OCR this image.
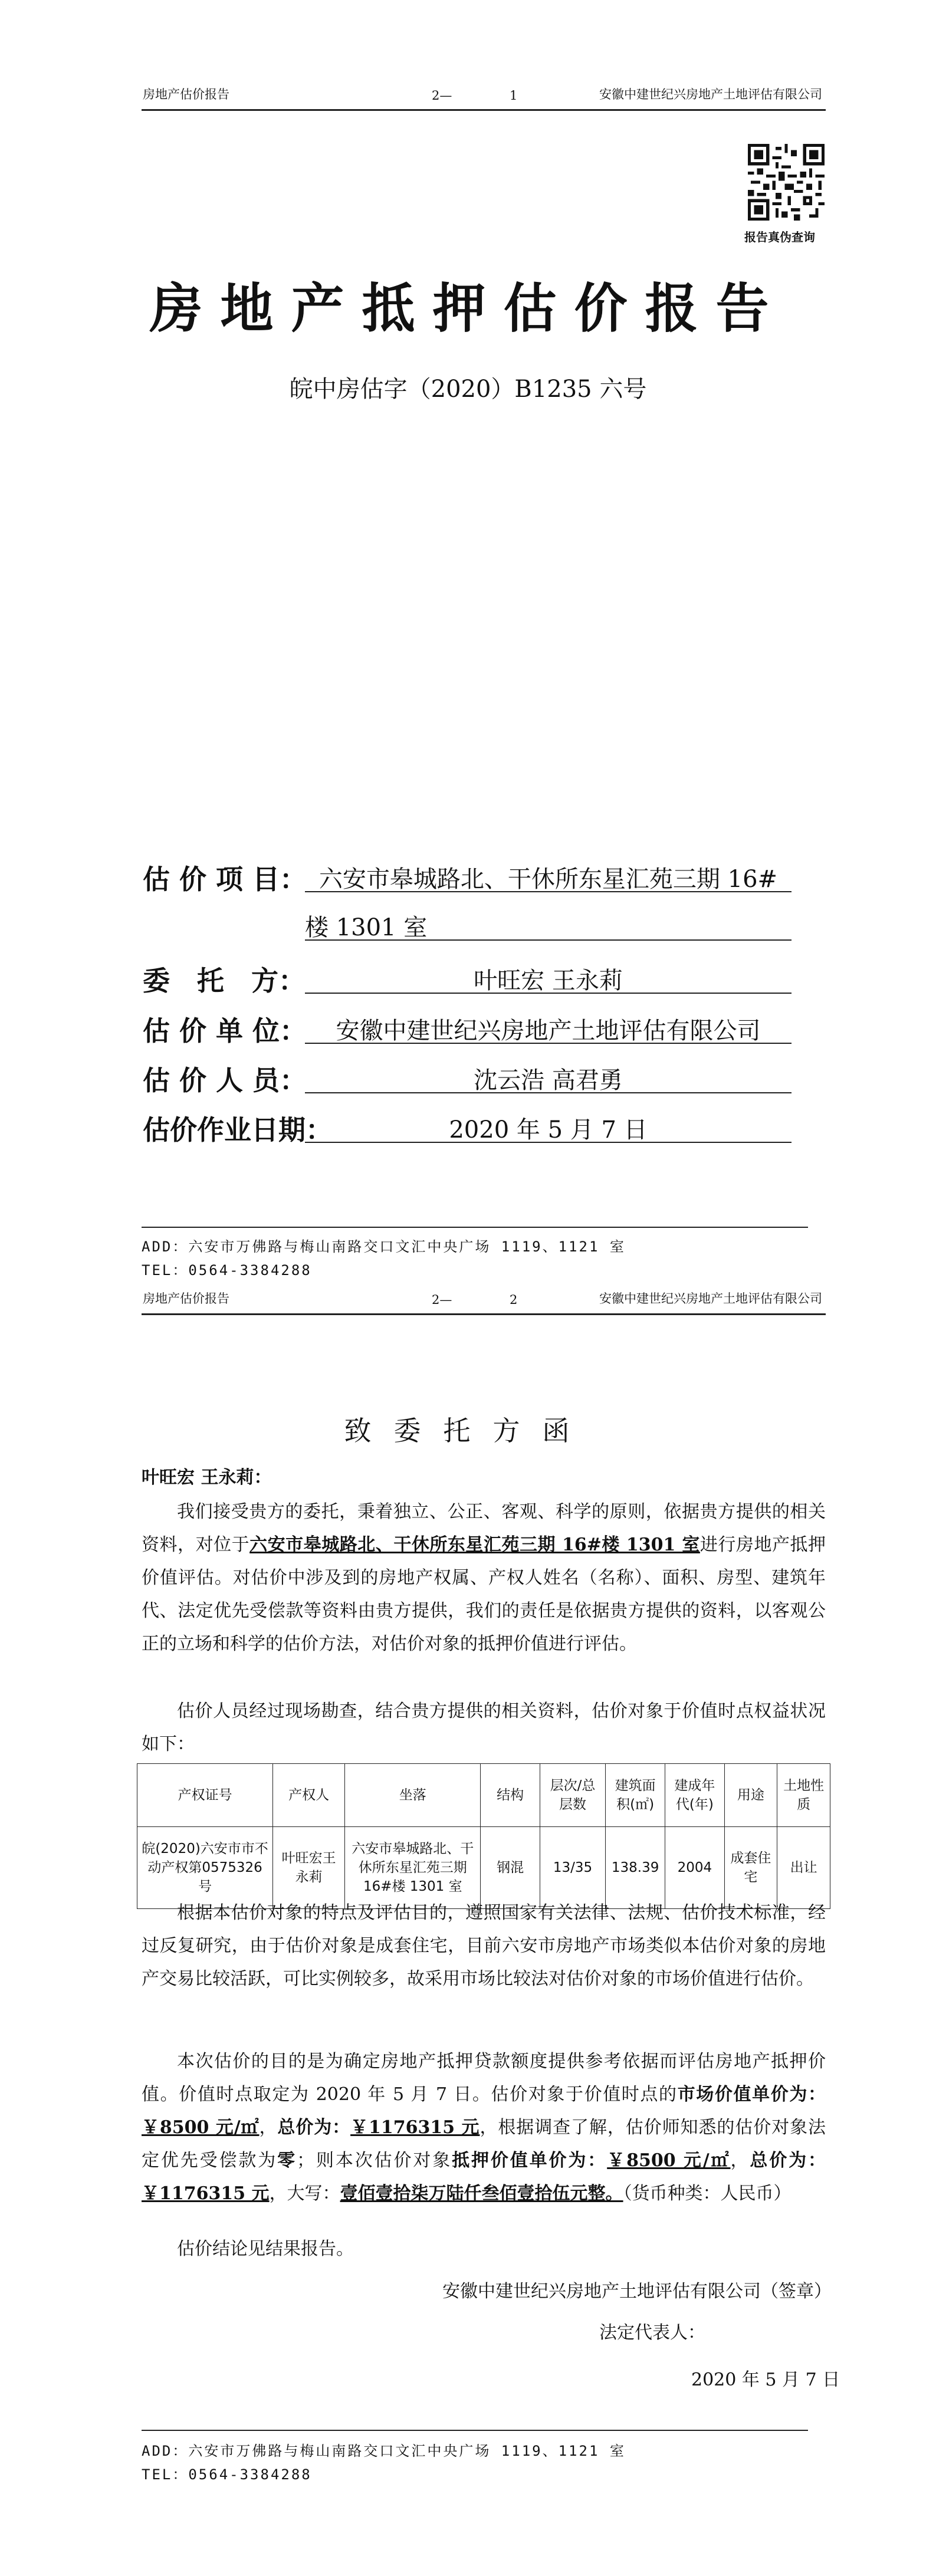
房地产估价报告	2—	1	安徽中建世纪兴房地产土地评估有限公司
报告真伪查询
房地产抵押估价报告
皖中房估字（2020）B1235 六号
估 价 项 目： 六安市皋城路北、干休所东星汇苑三期 16#
楼 1301 室
委　托　方：	叶旺宏 王永莉
估 价 单 位：	安徽中建世纪兴房地产土地评估有限公司
估 价 人 员：	沈云浩 高君勇
估价作业日期：	2020 年 5 月 7 日
ADD：六安市万佛路与梅山南路交口文汇中央广场 1119、1121 室
TEL：0564-3384288
房地产估价报告	2—	2	安徽中建世纪兴房地产土地评估有限公司
致委托方函
叶旺宏 王永莉：
我们接受贵方的委托，秉着独立、公正、客观、科学的原则，依据贵方提供的相关资料，对位于六安市皋城路北、干休所东星汇苑三期 16#楼 1301 室进行房地产抵押价值评估。对估价中涉及到的房地产权属、产权人姓名（名称）、面积、房型、建筑年代、法定优先受偿款等资料由贵方提供，我们的责任是依据贵方提供的资料，以客观公正的立场和科学的估价方法，对估价对象的抵押价值进行评估。
估价人员经过现场勘查，结合贵方提供的相关资料，估价对象于价值时点权益状况如下：
产权证号	产权人	坐落	结构	层次/总层数	建筑面积(㎡)	建成年代(年)	用途	土地性质
皖(2020)六安市市不动产权第0575326号	叶旺宏王永莉	六安市皋城路北、干休所东星汇苑三期 16#楼 1301 室	钢混	13/35	138.39	2004	成套住宅	出让
根据本估价对象的特点及评估目的，遵照国家有关法律、法规、估价技术标准，经过反复研究，由于估价对象是成套住宅，目前六安市房地产市场类似本估价对象的房地产交易比较活跃，可比实例较多，故采用市场比较法对估价对象的市场价值进行估价。
本次估价的目的是为确定房地产抵押贷款额度提供参考依据而评估房地产抵押价值。价值时点取定为 2020 年 5 月 7 日。估价对象于价值时点的市场价值单价为：￥8500 元/㎡，总价为：￥1176315 元，根据调查了解，估价师知悉的估价对象法定优先受偿款为零；则本次估价对象抵押价值单价为：￥8500 元/㎡，总价为：￥1176315 元，大写：壹佰壹拾柒万陆仟叁佰壹拾伍元整。（货币种类：人民币）
估价结论见结果报告。
安徽中建世纪兴房地产土地评估有限公司（签章）
法定代表人：
2020 年 5 月 7 日
ADD：六安市万佛路与梅山南路交口文汇中央广场 1119、1121 室
TEL：0564-3384288
